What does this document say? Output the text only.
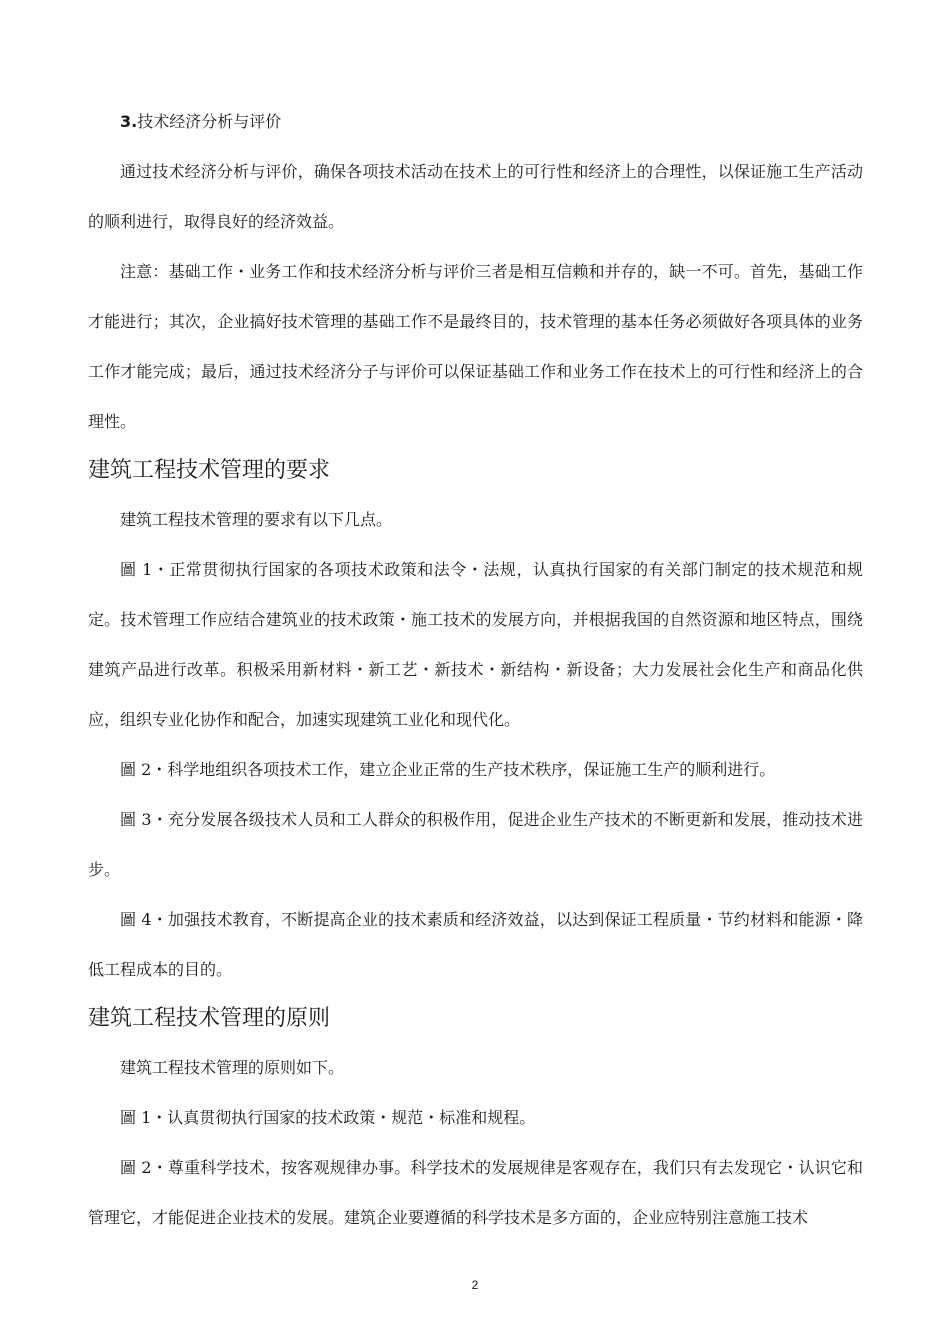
3.技术经济分析与评价

通过技术经济分析与评价，确保各项技术活动在技术上的可行性和经济上的合理性，以保证施工生产活动的顺利进行，取得良好的经济效益。

注意：基础工作・业务工作和技术经济分析与评价三者是相互信赖和并存的，缺一不可。首先，基础工作才能进行；其次，企业搞好技术管理的基础工作不是最终目的，技术管理的基本任务必须做好各项具体的业务工作才能完成；最后，通过技术经济分子与评价可以保证基础工作和业务工作在技术上的可行性和经济上的合理性。

建筑工程技术管理的要求

建筑工程技术管理的要求有以下几点。

圖 1・正常贯彻执行国家的各项技术政策和法令・法规，认真执行国家的有关部门制定的技术规范和规定。技术管理工作应结合建筑业的技术政策・施工技术的发展方向，并根据我国的自然资源和地区特点，围绕建筑产品进行改革。积极采用新材料・新工艺・新技术・新结构・新设备；大力发展社会化生产和商品化供应，组织专业化协作和配合，加速实现建筑工业化和现代化。

圖 2・科学地组织各项技术工作，建立企业正常的生产技术秩序，保证施工生产的顺利进行。

圖 3・充分发展各级技术人员和工人群众的积极作用，促进企业生产技术的不断更新和发展，推动技术进步。

圖 4・加强技术教育，不断提高企业的技术素质和经济效益，以达到保证工程质量・节约材料和能源・降低工程成本的目的。

建筑工程技术管理的原则

建筑工程技术管理的原则如下。

圖 1・认真贯彻执行国家的技术政策・规范・标准和规程。

圖 2・尊重科学技术，按客观规律办事。科学技术的发展规律是客观存在，我们只有去发现它・认识它和管理它，才能促进企业技术的发展。建筑企业要遵循的科学技术是多方面的，企业应特别注意施工技术

2
